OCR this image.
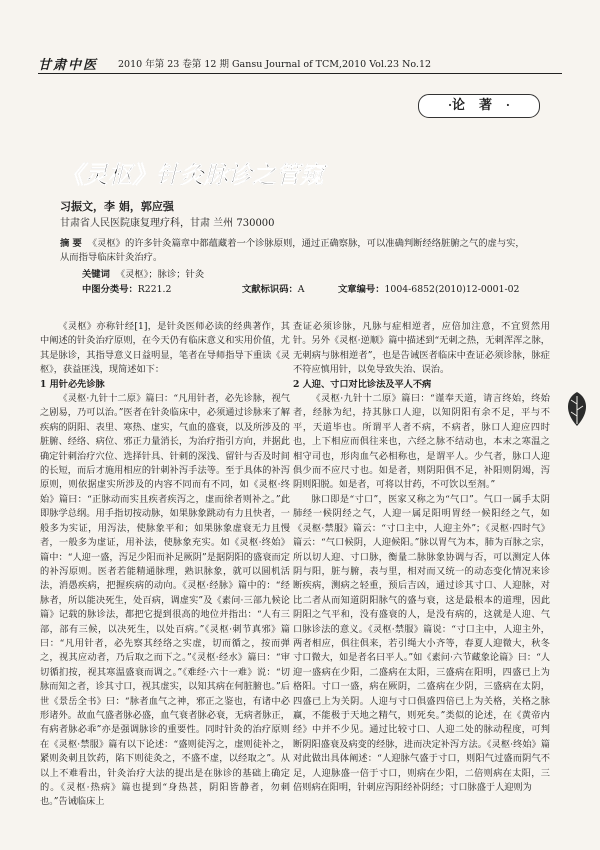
甘肃中医 2010 年第 23 卷第 12 期 Gansu Journal of TCM,2010 Vol.23 No.12
·论著·
《灵枢》针灸脉诊之管窥
习振文，李 娟，郭应强
甘肃省人民医院康复理疗科，甘肃 兰州 730000
摘 要 《灵枢》的许多针灸篇章中都蕴藏着一个诊脉原则，通过正确察脉，可以准确判断经络脏腑之气的虚与实，从而指导临床针灸治疗。
关键词 《灵枢》；脉诊；针灸
中图分类号：R221.2	文献标识码：A	文章编号：1004-6852(2010)12-0001-02

《灵枢》亦称针经[1]，是针灸医师必读的经典著作，其中阐述的针灸治疗原则，在今天仍有临床意义和实用价值，尤其是脉诊，其指导意义日益明显，笔者在导师指导下重读《灵枢》，获益匪浅，现简述如下：

1 用针必先诊脉

《灵枢·九针十二原》篇曰：“凡用针者，必先诊脉，视气之剧易，乃可以治。”医者在针灸临床中，必须通过诊脉来了解疾病的阴阳、表里、寒热、虚实，气血的盛衰，以及所涉及的脏腑、经络、病位、邪正力量消长，为治疗指引方向，并据此确定针刺治疗穴位、选择针具、针刺的深浅、留针与否及时间的长短，而后才施用相应的针刺补泻手法等。至于具体的补泻原则，则依据虚实所涉及的内容不同而有不同，如《灵枢·终始》篇曰：“正脉动而实且疾者疾泻之，虚而徐者则补之。”此即脉学总纲。用手指切按动脉，如果脉象跳动有力且快者，一般多为实证，用泻法，使脉象平和；如果脉象虚衰无力且慢者，一般多为虚证，用补法，使脉象充实。如《灵枢·终始》篇中：“人迎一盛，泻足少阳而补足厥阴”是据阴阳的盛衰而定的补泻原则。医者若能精通脉理，熟识脉象，就可以圆机活法，消愚疾病，把握疾病的动向。《灵枢·经脉》篇中的：“经脉者，所以能决死生，处百病，调虚实”及《素问·三部九候论篇》记载的脉诊法，都把它提到很高的地位并指出：“人有三部，部有三候，以决死生，以处百病。”《灵枢·刺节真邪》篇曰：“凡用针者，必先察其经络之实虚，切而循之，按而弹之，视其应动者，乃后取之而下之。”《灵枢·经水》篇曰：“审切循扪按，视其寒温盛衰而调之。”《难经·六十一难》说：“切脉而知之者，诊其寸口，视其虚实，以知其病在何脏腑也。”后世《景岳全书》曰：“脉者血气之神，邪正之鉴也，有诸中必形诸外。故血气盛者脉必盛，血气衰者脉必衰，无病者脉正，有病者脉必乖”亦是强调脉诊的重要性。同时针灸的治疗原则在《灵枢·禁服》篇有以下论述：“盛则徒泻之，虚则徒补之，紧则灸刺且饮药，陷下则徒灸之，不盛不虚，以经取之”。从以上不难看出，针灸治疗大法的提出是在脉诊的基础上确定的。《灵枢·热病》篇也提到“身热甚，阴阳皆静者，勿刺也。”告诫临床上

查证必须诊脉，凡脉与症相逆者，应倍加注意，不宜贸然用针。另外《灵枢·逆顺》篇中描述到“无刺之热，无刺浑浑之脉，无刺病与脉相逆者”，也是告诫医者临床中查证必须诊脉，脉症不符应慎用针，以免导致失治、误治。

2 人迎、寸口对比诊法及平人不病

《灵枢·九针十二原》篇曰：“谨奉天道，请言终始，终始者，经脉为纪，持其脉口人迎，以知阴阳有余不足，平与不平，天道毕也。所谓平人者不病，不病者，脉口人迎应四时也，上下相应而俱往来也，六经之脉不结动也，本末之寒温之相守司也，形肉血气必相称也，是谓平人。少气者，脉口人迎俱少而不应尺寸也。如是者，则阴阳俱不足，补阳则阴竭，泻阴则阳脱。如是者，可将以甘药，不可饮以至剂。”

脉口即是“寸口”，医家又称之为“气口”。气口一属手太阴肺经一候阴经之气，人迎一属足阳明胃经一候阳经之气，如《灵枢·禁服》篇云：“寸口主中，人迎主外”；《灵枢·四时气》篇云：“气口候阴，人迎候阳。”脉以胃气为本，肺为百脉之宗，所以切人迎、寸口脉，衡量二脉脉象协调与否，可以测定人体阴与阳，脏与腑，表与里，相对而又统一的动态变化情况来诊断疾病，测病之轻重，预后吉凶，通过诊其寸口、人迎脉，对比二者从而知道阴阳脉气的盛与衰，这是最根本的道理，因此阴阳之气平和，没有盛衰的人，是没有病的，这就是人迎、气口脉诊法的意义。《灵枢·禁服》篇说：“寸口主中，人迎主外，两者相应，俱往俱来，若引绳大小齐等，春夏人迎微大，秋冬寸口微大，如是者名曰平人。”如《素问·六节藏象论篇》曰：“人迎一盛病在少阳，二盛病在太阳，三盛病在阳明，四盛已上为格阳。寸口一盛，病在厥阴，二盛病在少阴，三盛病在太阴，四盛已上为关阴。人迎与寸口俱盛四倍已上为关格，关格之脉赢，不能极于天地之精气，则死矣。”类似的论述，在《黄帝内经》中并不少见。通过比较寸口、人迎二处的脉动程度，可判断阴阳盛衰及病变的经脉，进而决定补泻方法。《灵枢·终始》篇对此做出具体阐述：“人迎脉气盛于寸口，则阳气过盛而阴气不足，人迎脉盛一倍于寸口，则病在少阳，二倍则病在太阳，三倍则病在阳明，针刺应泻阳经补阴经；寸口脉盛于人迎则为
